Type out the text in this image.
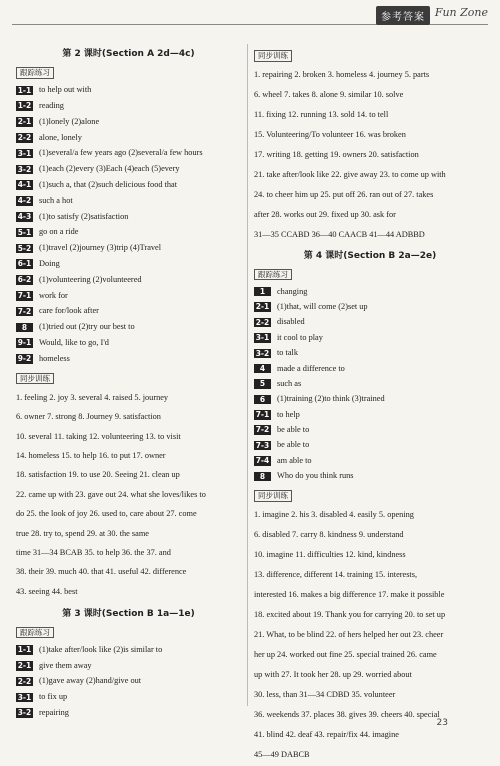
参考答案 Fun Zone
第 2 课时(Section A 2d—4c)
跟踪练习
1-1 to help out with
1-2 reading
2-1 (1)lonely (2)alone
2-2 alone, lonely
3-1 (1)several/a few years ago (2)several/a few hours
3-2 (1)each (2)every (3)Each (4)each (5)every
4-1 (1)such a, that (2)such delicious food that
4-2 such a hot
4-3 (1)to satisfy (2)satisfaction
5-1 go on a ride
5-2 (1)travel (2)journey (3)trip (4)Travel
6-1 Doing
6-2 (1)volunteering (2)volunteered
7-1 work for
7-2 care for/look after
8	(1)tried out (2)try our best to
9-1 Would, like to go, I'd
9-2 homeless
同步训练
1. feeling 2. joy 3. several 4. raised 5. journey
6. owner 7. strong 8. Journey 9. satisfaction
10. several 11. taking 12. volunteering 13. to visit
14. homeless 15. to help 16. to put 17. owner
18. satisfaction 19. to use 20. Seeing 21. clean up
22. came up with 23. gave out 24. what she loves/likes to
do 25. the look of joy 26. used to, care about 27. come
true 28. try to, spend 29. at 30. the same
time 31—34 BCAB 35. to help 36. the 37. and
38. their 39. much 40. that 41. useful 42. difference
43. seeing 44. best
第 3 课时(Section B 1a—1e)
跟踪练习
1-1 (1)take after/look like (2)is similar to
2-1 give them away
2-2 (1)gave away (2)hand/give out
3-1 to fix up
3-2 repairing
同步训练
1. repairing 2. broken 3. homeless 4. journey 5. parts
6. wheel 7. takes 8. alone 9. similar 10. solve
11. fixing 12. running 13. sold 14. to tell
15. Volunteering/To volunteer 16. was broken
17. writing 18. getting 19. owners 20. satisfaction
21. take after/look like 22. give away 23. to come up with
24. to cheer him up 25. put off 26. ran out of 27. takes
after 28. works out 29. fixed up 30. ask for
31—35 CCABD 36—40 CAACB 41—44 ADBBD
第 4 课时(Section B 2a—2e)
跟踪练习
1	changing
2-1 (1)that, will come (2)set up
2-2 disabled
3-1 it cool to play
3-2 to talk
4	made a difference to
5	such as
6	(1)training (2)to think (3)trained
7-1 to help
7-2 be able to
7-3 be able to
7-4 am able to
8	Who do you think runs
同步训练
1. imagine 2. his 3. disabled 4. easily 5. opening
6. disabled 7. carry 8. kindness 9. understand
10. imagine 11. difficulties 12. kind, kindness
13. difference, different 14. training 15. interests,
interested 16. makes a big difference 17. make it possible
18. excited about 19. Thank you for carrying 20. to set up
21. What, to be blind 22. of hers helped her out 23. cheer
her up 24. worked out fine 25. special trained 26. came
up with 27. It took her 28. up 29. worried about
30. less, than 31—34 CDBD 35. volunteer
36. weekends 37. places 38. gives 39. cheers 40. special
41. blind 42. deaf 43. repair/fix 44. imagine
45—49 DABCB
23
